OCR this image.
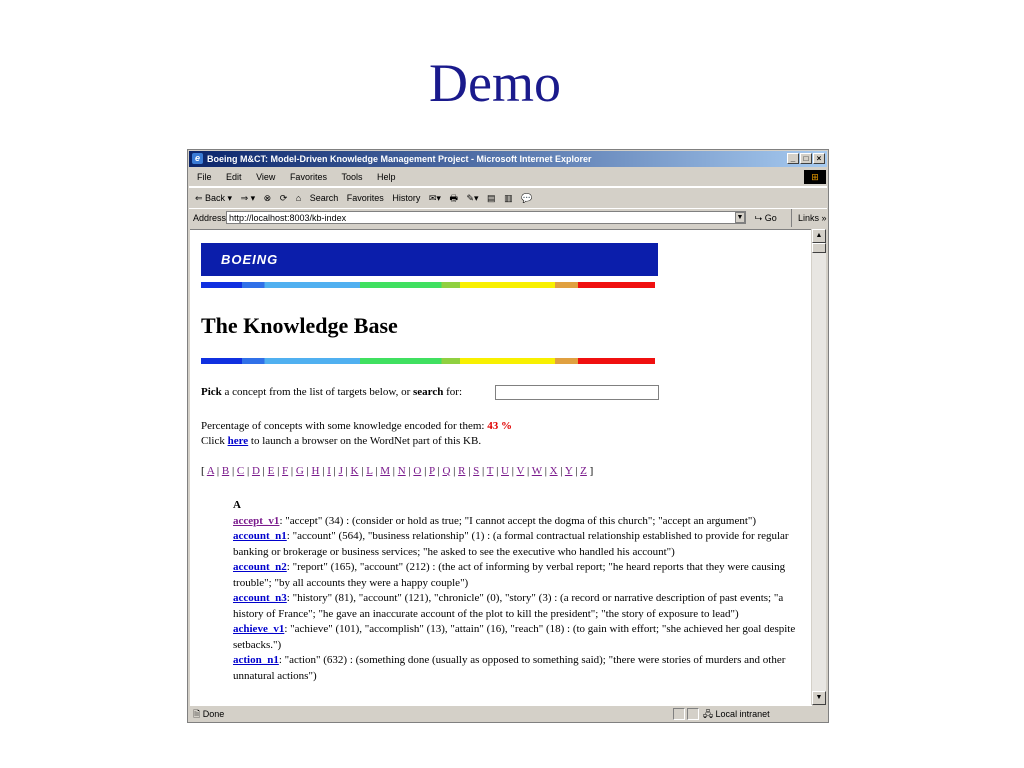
Demo
e Boeing M&CT: Model-Driven Knowledge Management Project - Microsoft Internet Explorer	_	□	×
File Edit View Favorites Tools Help	⊞
⇐ Back ▾ ⇒ ▾ ⊗ ⟳ ⌂ Search Favorites History ✉▾ 🖶 ✎▾ ▤ ▥ 💬
Address http://localhost:8003/kb-index	▼ ⮡ Go	Links »
BOEING
The Knowledge Base
Pick a concept from the list of targets below, or search for:
Percentage of concepts with some knowledge encoded for them: 43 %
Click here to launch a browser on the WordNet part of this KB.
[ A | B | C | D | E | F | G | H | I | J | K | L | M | N | O | P | Q | R | S | T | U | V | W | X | Y | Z ]
A
accept_v1: "accept" (34) : (consider or hold as true; "I cannot accept the dogma of this church"; "accept an argument")
account_n1: "account" (564), "business relationship" (1) : (a formal contractual relationship established to provide for regular banking or brokerage or business services; "he asked to see the executive who handled his account")
account_n2: "report" (165), "account" (212) : (the act of informing by verbal report; "he heard reports that they were causing trouble"; "by all accounts they were a happy couple")
account_n3: "history" (81), "account" (121), "chronicle" (0), "story" (3) : (a record or narrative description of past events; "a history of France"; "he gave an inaccurate account of the plot to kill the president"; "the story of exposure to lead")
achieve_v1: "achieve" (101), "accomplish" (13), "attain" (16), "reach" (18) : (to gain with effort; "she achieved her goal despite setbacks.")
action_n1: "action" (632) : (something done (usually as opposed to something said); "there were stories of murders and other unnatural actions")
▲
▼
🗎 Done	🖧 Local intranet
